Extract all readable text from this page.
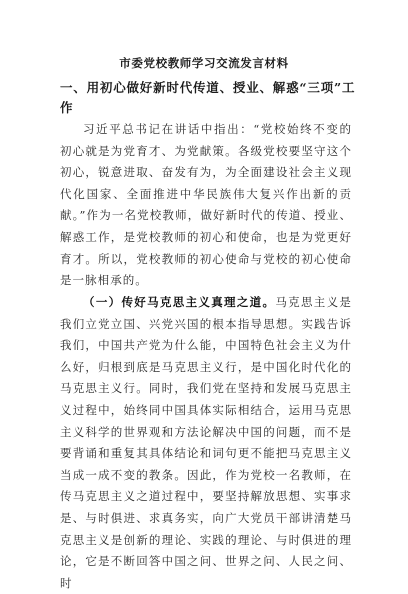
市委党校教师学习交流发言材料
一、用初心做好新时代传道、授业、解惑“三项”工作

习近平总书记在讲话中指出：“党校始终不变的初心就是为党育才、为党献策。各级党校要坚守这个初心，锐意进取、奋发有为，为全面建设社会主义现代化国家、全面推进中华民族伟大复兴作出新的贡献。”作为一名党校教师，做好新时代的传道、授业、解惑工作，是党校教师的初心和使命，也是为党更好育才。所以，党校教师的初心使命与党校的初心使命是一脉相承的。

（一）传好马克思主义真理之道。马克思主义是我们立党立国、兴党兴国的根本指导思想。实践告诉我们，中国共产党为什么能，中国特色社会主义为什么好，归根到底是马克思主义行，是中国化时代化的马克思主义行。同时，我们党在坚持和发展马克思主义过程中，始终同中国具体实际相结合，运用马克思主义科学的世界观和方法论解决中国的问题，而不是要背诵和重复其具体结论和词句更不能把马克思主义当成一成不变的教条。因此，作为党校一名教师，在传马克思主义之道过程中，要坚持解放思想、实事求是、与时俱进、求真务实，向广大党员干部讲清楚马克思主义是创新的理论、实践的理论、与时俱进的理论，它是不断回答中国之问、世界之问、人民之问、时
